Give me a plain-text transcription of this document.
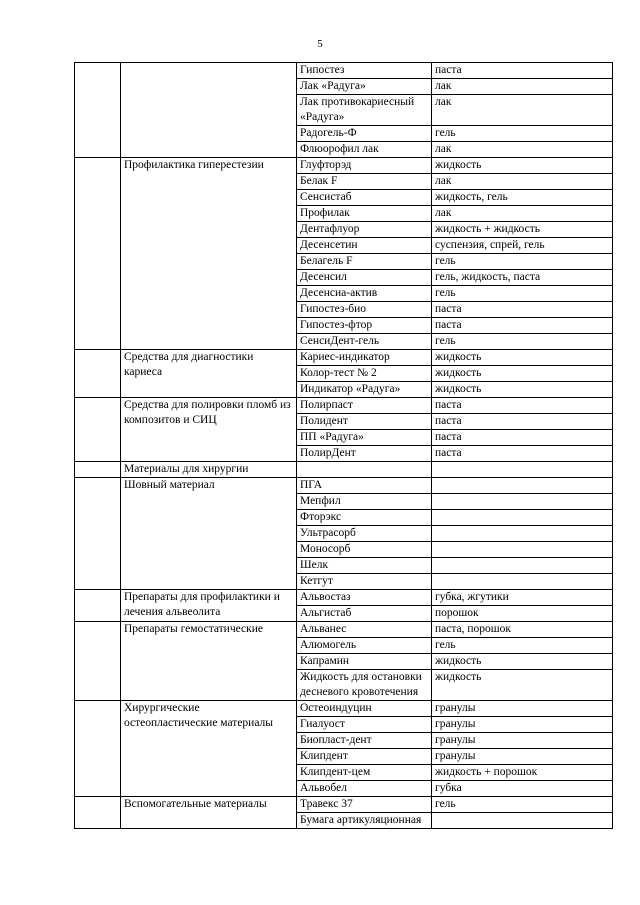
5
		Гипостез	паста
		Лак «Радуга»	лак
		Лак противокариесный «Радуга»	лак
		Радогель-Ф	гель
		Флюорофил лак	лак
	Профилактика гиперестезии	Глуфторэд	жидкость
		Белак F	лак
		Сенсистаб	жидкость, гель
		Профилак	лак
		Дентафлуор	жидкость + жидкость
		Десенсетин	суспензия, спрей, гель
		Белагель F	гель
		Десенсил	гель, жидкость, паста
		Десенсиа-актив	гель
		Гипостез-био	паста
		Гипостез-фтор	паста
		СенсиДент-гель	гель
	Средства для диагностики кариеса	Кариес-индикатор	жидкость
		Колор-тест № 2	жидкость
		Индикатор «Радуга»	жидкость
	Средства для полировки пломб из композитов и СИЦ	Полирпаст	паста
		Полидент	паста
		ПП «Радуга»	паста
		ПолирДент	паста
	Материалы для хирургии		
	Шовный материал	ПГА	
		Мепфил	
		Фторэкс	
		Ультрасорб	
		Моносорб	
		Шелк	
		Кетгут	
	Препараты для профилактики и лечения альвеолита	Альвостаз	губка, жгутики
		Альгистаб	порошок
	Препараты гемостатические	Альванес	паста, порошок
		Алюмогель	гель
		Капрамин	жидкость
		Жидкость для остановки десневого кровотечения	жидкость
	Хирургические остеопластические материалы	Остеоиндуцин	гранулы
		Гиалуост	гранулы
		Биопласт-дент	гранулы
		Клипдент	гранулы
		Клипдент-цем	жидкость + порошок
		Альвобел	губка
	Вспомогательные материалы	Травекс 37	гель
		Бумага артикуляционная	
